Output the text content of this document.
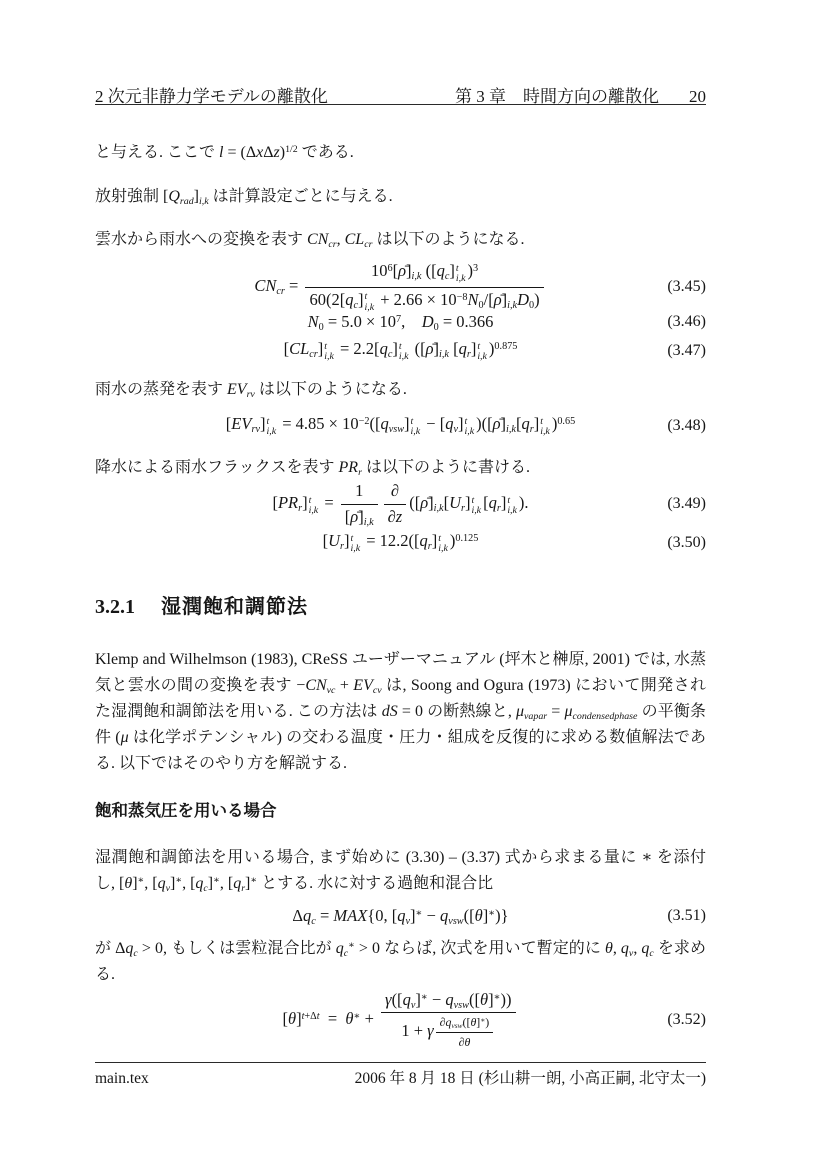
2 次元非静力学モデルの離散化	第 3 章　時間方向の離散化 20
と与える. ここで $l = (\Delta x\Delta z)^{1/2}$ である.
放射強制 $[Q_{rad}]_{i,k}$ は計算設定ごとに与える.
雲水から雨水への変換を表す $CN_{cr}$, $CL_{cr}$ は以下のようになる.
$CN_{cr}$ = $10^6[\rhō]_{i,k}$ ($[q_c]$ t
i,k )$^3$
$60(2[q_c]$ t
$i,k + 2.66 \times 10^{-8}N_0/[\rhō]_{i,k}D_0$)	(3.45)
$N_0 = 5.0 \times 10^7$, $D_0 = 0.366$	(3.46)
$[CL_{cr}]$ t
$i,k = 2.2[q_c]$ t
i,k ($[\rhō]_{i,k}$ $[q_r]$ t
i,k )$^{0.875}$	(3.47)
雨水の蒸発を表す $EV_{rv}$ は以下のようになる.
$[EV_{rv}]$ t
$i,k = 4.85 \times 10^{-2}([q_{vsw}]$ t
$i,k - [q_v]$ t
i,k )($[\rhō]_{i,k}[q_r]$ t
i,k )$^{0.65}$	(3.48)
降水による雨水フラックスを表す $PR_r$ は以下のように書ける.
$[PR_r]$ t
$i,k = \frac{1}{[\rhō]_{i,k}} \frac{\partial}{\partial z}$ ($[\rhō]_{i,k}[U_r]$ t
i,k $[q_r]$ t
i,k ).	(3.49)
$[U_r]$ t
$i,k = 12.2([q_r]$ t
i,k )$^{0.125}$	(3.50)
3.2.1 湿潤飽和調節法
Klemp and Wilhelmson (1983), CReSS ユーザーマニュアル (坪木と榊原, 2001) では, 水蒸気と雲水の間の変換を表す $-CN_{vc} + EV_{cv}$ は, Soong and Ogura (1973) において開発された湿潤飽和調節法を用いる. この方法は dS = 0 の断熱線と, $\mu_{vapar} = \mu_{condensedphase}$ の平衡条件 (μ は化学ポテンシャル) の交わる温度・圧力・組成を反復的に求める数値解法である. 以下ではそのやり方を解説する.
飽和蒸気圧を用いる場合
湿潤飽和調節法を用いる場合, まず始めに (3.30) – (3.37) 式から求まる量に ∗ を添付し, [θ]∗, $[q_v]^∗$, $[q_c]^∗$, $[q_r]^∗$ とする. 水に対する過飽和混合比
$\Delta q_c = MAX\{0$, $[q_v]^∗ - q_{vsw}([\theta]^∗)$}	(3.51)
が $\Delta q_c > 0$, もしくは雲粒混合比が $q_c^∗ > 0$ ならば, 次式を用いて暫定的に θ, $q_v$, $q_c$ を求める.
$[\theta]^{t+\Delta t}$ = $\theta^∗ + \frac{\gamma([q_v]^∗ - q_{vsw}([\theta]^∗))}{1 + \gamma \frac{\partial q_{vsw}([\theta]^∗)}{\partial\theta}}$	(3.52)
main.tex	2006 年 8 月 18 日 (杉山耕一朗, 小高正嗣, 北守太一)
